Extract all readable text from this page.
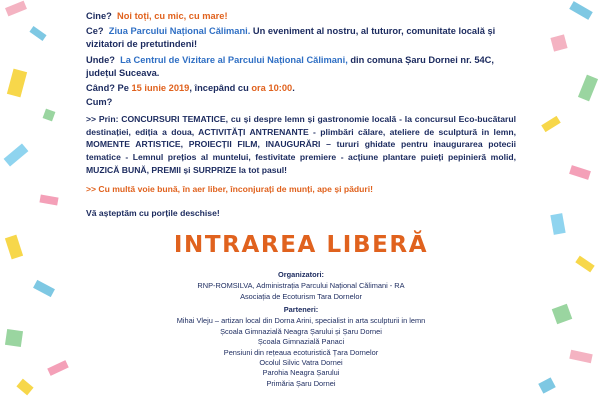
Cine? Noi toți, cu mic, cu mare!
Ce? Ziua Parcului Național Călimani. Un eveniment al nostru, al tuturor, comunitate locală și vizitatori de pretutindeni!
Unde? La Centrul de Vizitare al Parcului Național Călimani, din comuna Șaru Dornei nr. 54C, județul Suceava.
Când? Pe 15 iunie 2019, începând cu ora 10:00.
Cum?
>> Prin: CONCURSURI TEMATICE, cu și despre lemn și gastronomie locală - la concursul Eco-bucătarul destinației, ediția a doua, ACTIVITĂȚI ANTRENANTE - plimbări călare, ateliere de sculptură in lemn, MOMENTE ARTISTICE, PROIECȚII FILM, INAUGURĂRI – tururi ghidate pentru inaugurarea potecii tematice - Lemnul prețios al muntelui, festivitate premiere - acțiune plantare puieți pepinieră molid, MUZICĂ BUNĂ, PREMII și SURPRIZE la tot pasul!
>> Cu multă voie bună, în aer liber, înconjurați de munți, ape și păduri!
Vă așteptăm cu porțile deschise!
INTRAREA LIBERĂ
Organizatori:
RNP-ROMSILVA, Administrația Parcului Național Călimani - RA
Asociația de Ecoturism Tara Dornelor
Parteneri:
Mihai Vleju – artizan local din Dorna Arini, specialist in arta sculpturii in lemn
Școala Gimnazială Neagra Șarului și Șaru Dornei
Școala Gimnazială Panaci
Pensiuni din rețeaua ecoturistică Țara Dornelor
Ocolul Silvic Vatra Dornei
Parohia Neagra Șarului
Primăria Șaru Dornei
